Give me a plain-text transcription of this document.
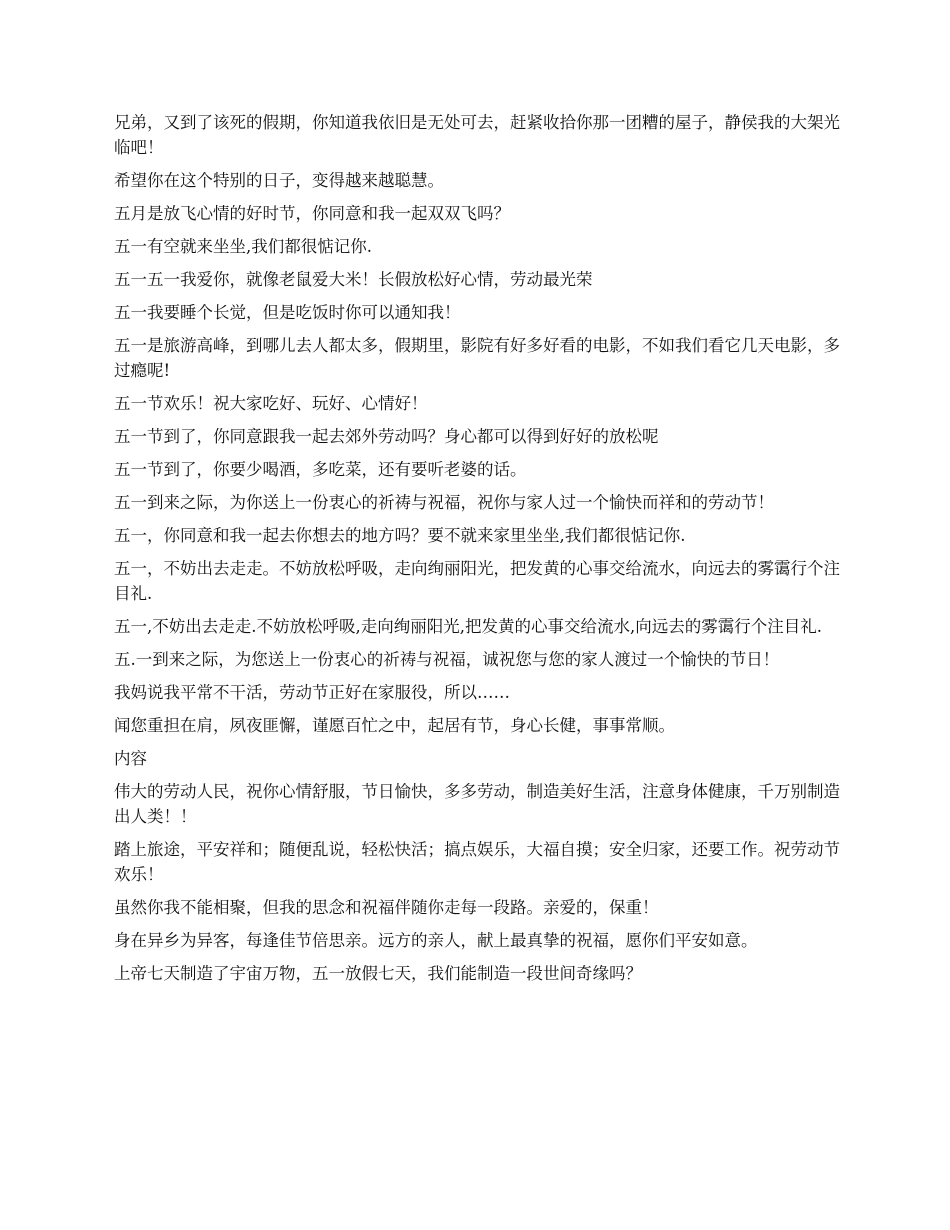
兄弟，又到了该死的假期，你知道我依旧是无处可去，赶紧收拾你那一团糟的屋子，静侯我的大架光临吧！

希望你在这个特别的日子，变得越来越聪慧。

五月是放飞心情的好时节，你同意和我一起双双飞吗？

五一有空就来坐坐,我们都很惦记你.

五一五一我爱你，就像老鼠爱大米！长假放松好心情，劳动最光荣

五一我要睡个长觉，但是吃饭时你可以通知我！

五一是旅游高峰，到哪儿去人都太多，假期里，影院有好多好看的电影，不如我们看它几天电影，多过瘾呢!

五一节欢乐！祝大家吃好、玩好、心情好！

五一节到了，你同意跟我一起去郊外劳动吗？身心都可以得到好好的放松呢

五一节到了，你要少喝酒，多吃菜，还有要听老婆的话。

五一到来之际，为你送上一份衷心的祈祷与祝福，祝你与家人过一个愉快而祥和的劳动节！

五一，你同意和我一起去你想去的地方吗？要不就来家里坐坐,我们都很惦记你.

五一，不妨出去走走。不妨放松呼吸，走向绚丽阳光，把发黄的心事交给流水，向远去的雾霭行个注目礼.

五一,不妨出去走走.不妨放松呼吸,走向绚丽阳光,把发黄的心事交给流水,向远去的雾霭行个注目礼.

五.一到来之际，为您送上一份衷心的祈祷与祝福，诚祝您与您的家人渡过一个愉快的节日！

我妈说我平常不干活，劳动节正好在家服役，所以……

闻您重担在肩，夙夜匪懈，谨愿百忙之中，起居有节，身心长健，事事常顺。

内容

伟大的劳动人民，祝你心情舒服，节日愉快，多多劳动，制造美好生活，注意身体健康，千万别制造出人类！！

踏上旅途，平安祥和；随便乱说，轻松快活；搞点娱乐，大福自摸；安全归家，还要工作。祝劳动节欢乐！

虽然你我不能相聚，但我的思念和祝福伴随你走每一段路。亲爱的，保重！

身在异乡为异客，每逢佳节倍思亲。远方的亲人，献上最真挚的祝福，愿你们平安如意。

上帝七天制造了宇宙万物，五一放假七天，我们能制造一段世间奇缘吗？
